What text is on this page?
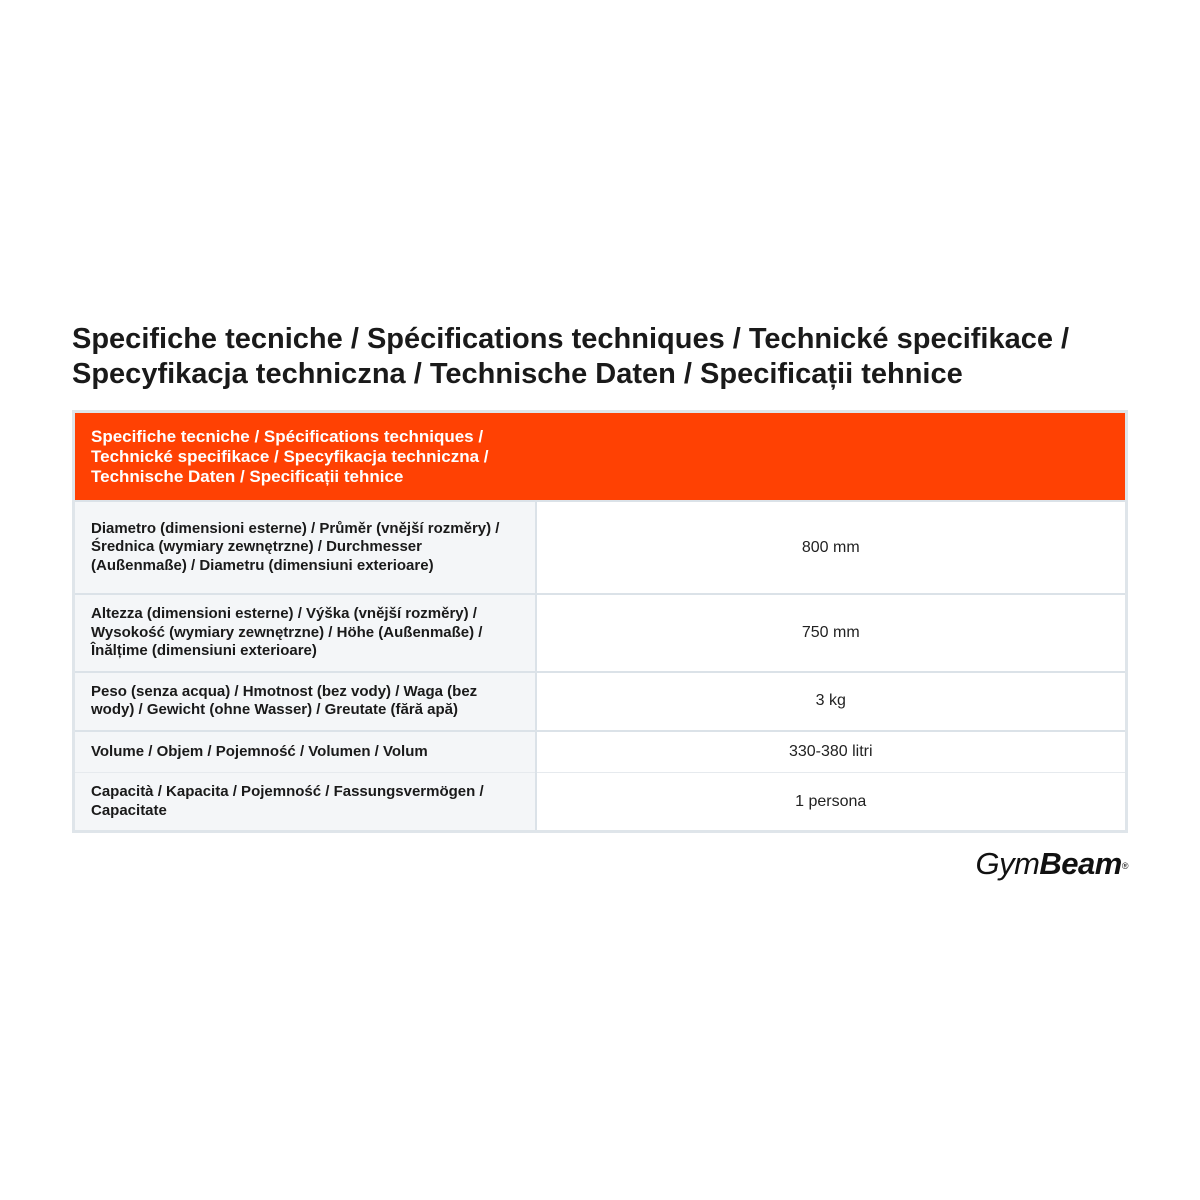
Specifiche tecniche / Spécifications techniques / Technické specifikace / Specyfikacja techniczna / Technische Daten / Specificații tehnice
Specifiche tecniche / Spécifications techniques / Technické specifikace / Specyfikacja techniczna / Technische Daten / Specificații tehnice	
Diametro (dimensioni esterne) / Průměr (vnější rozměry) / Średnica (wymiary zewnętrzne) / Durchmesser (Außenmaße) / Diametru (dimensiuni exterioare)	800 mm
Altezza (dimensioni esterne) / Výška (vnější rozměry) / Wysokość (wymiary zewnętrzne) / Höhe (Außenmaße) / Înălțime (dimensiuni exterioare)	750 mm
Peso (senza acqua) / Hmotnost (bez vody) / Waga (bez wody) / Gewicht (ohne Wasser) / Greutate (fără apă)	3 kg
Volume / Objem / Pojemność / Volumen / Volum	330-380 litri
Capacità / Kapacita / Pojemność / Fassungsvermögen / Capacitate	1 persona
GymBeam®
